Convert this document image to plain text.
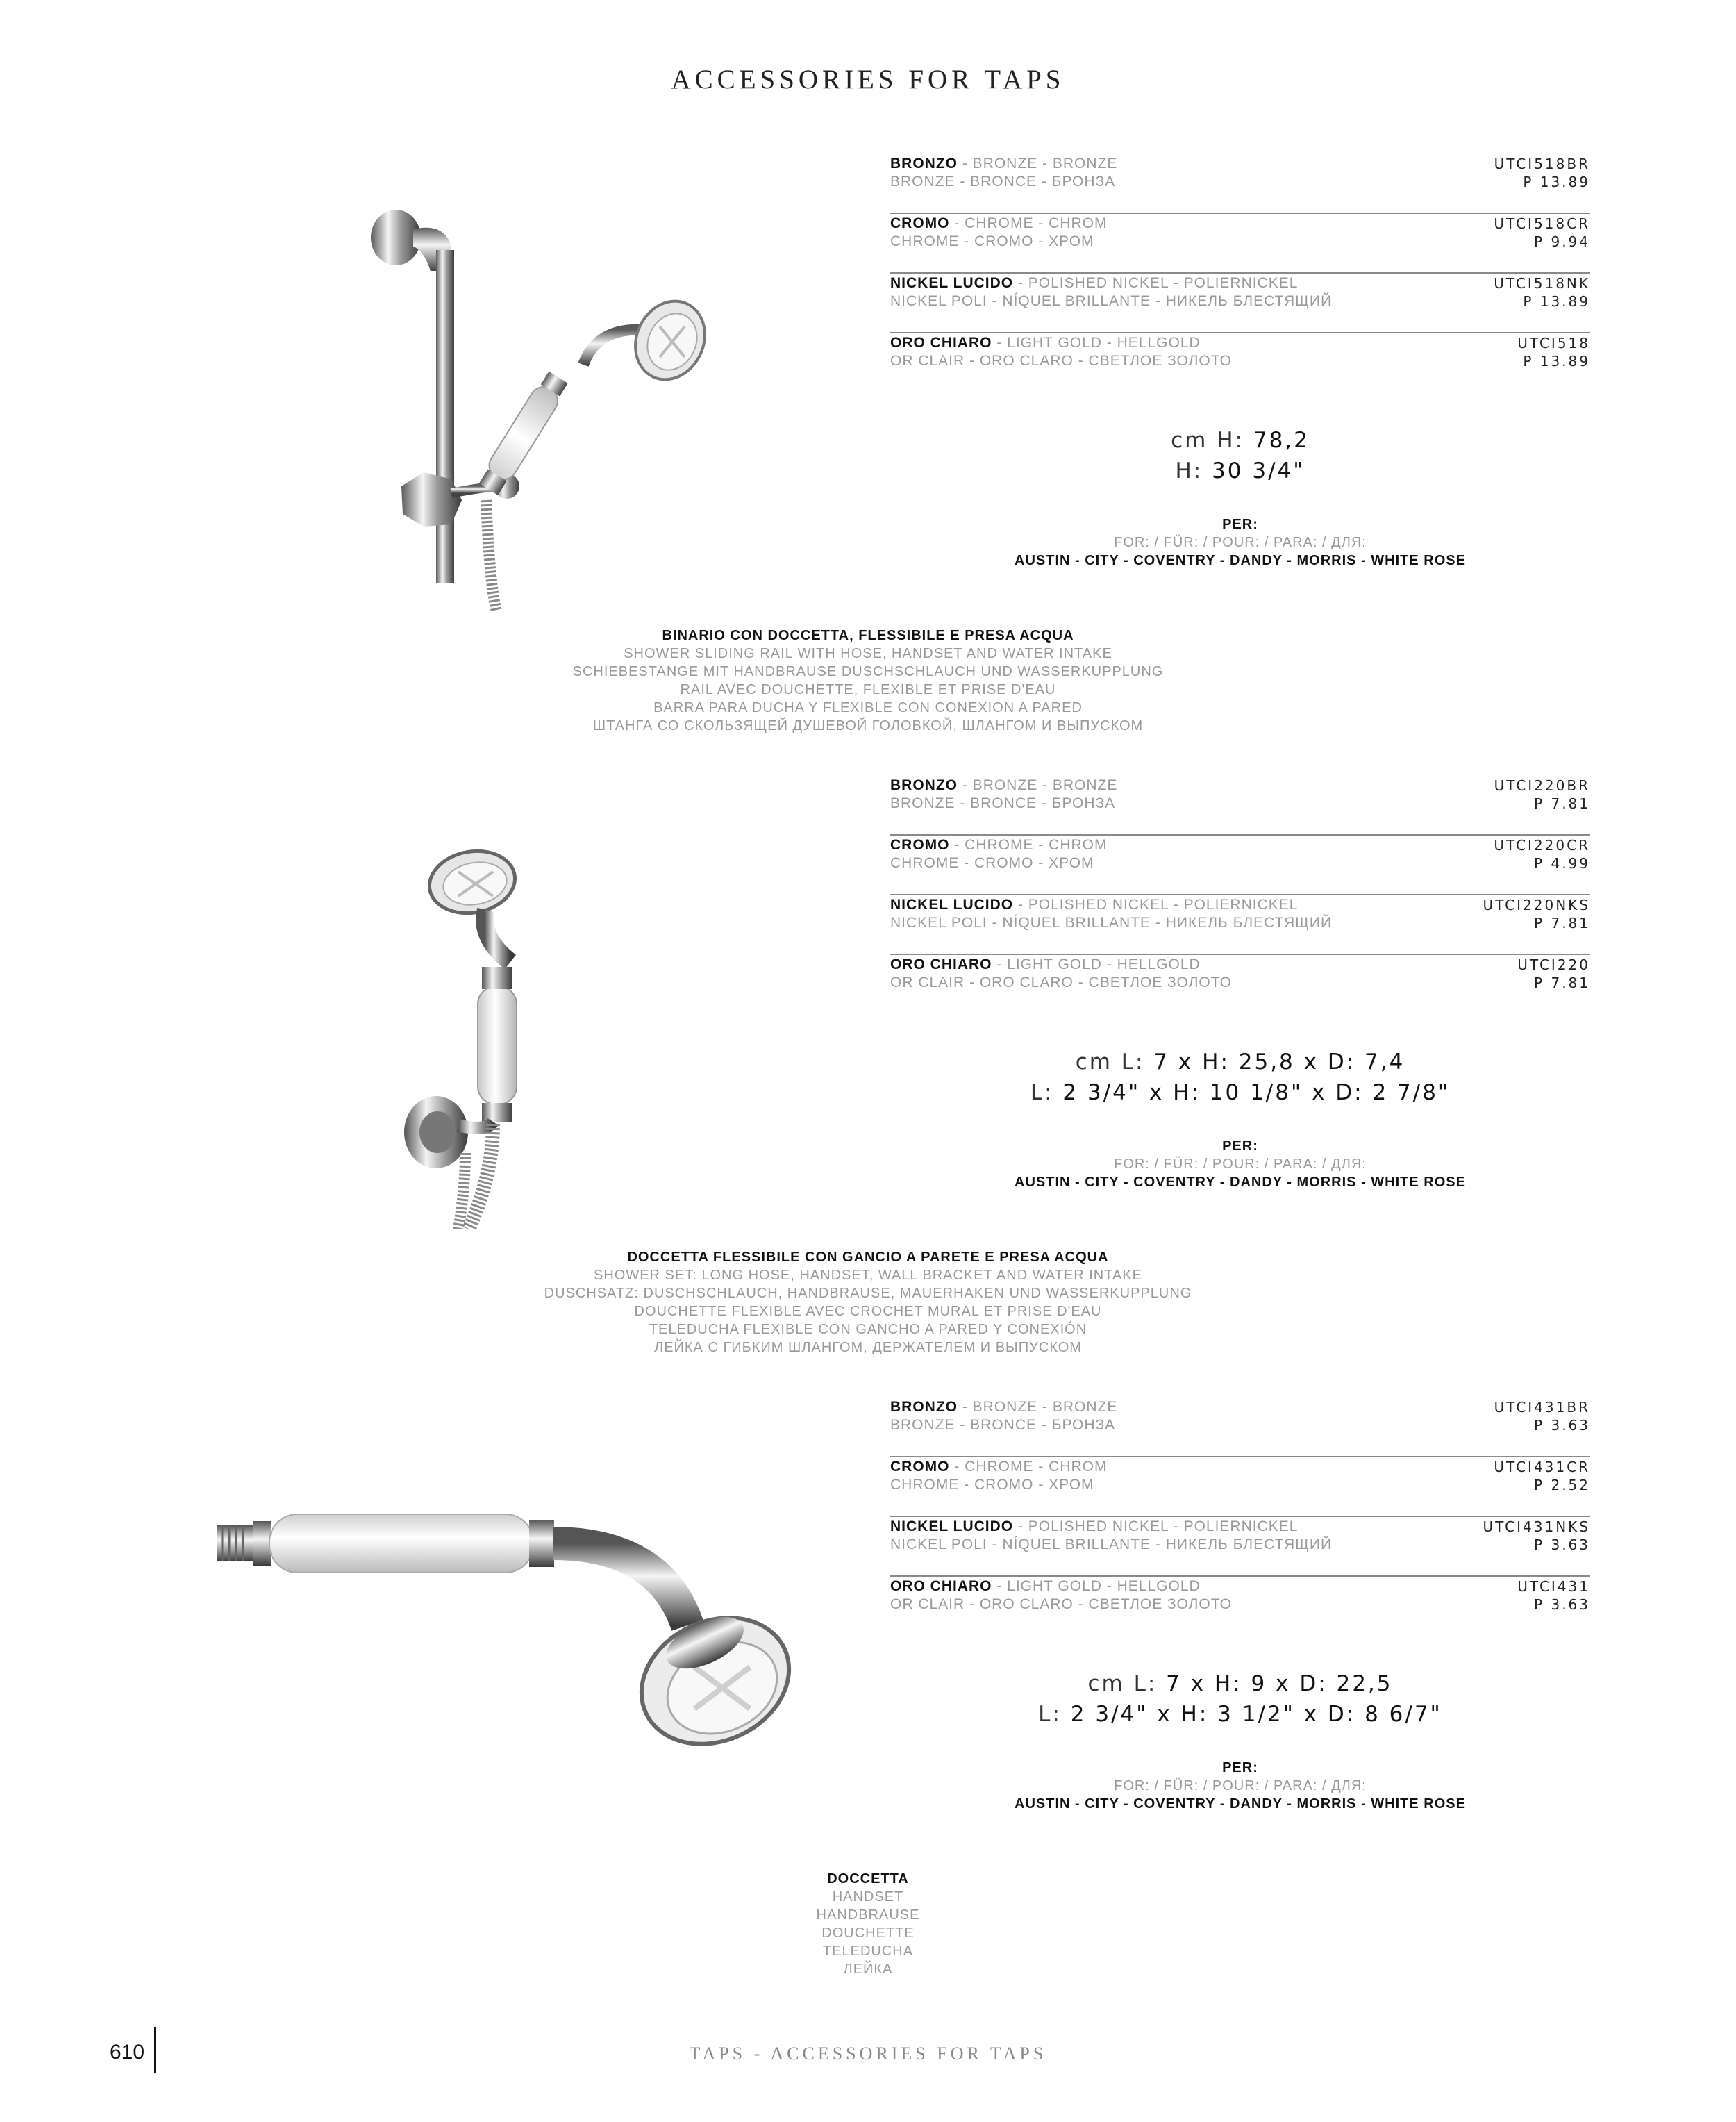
ACCESSORIES FOR TAPS
BRONZO - BRONZE - BRONZE
BRONZE - BRONCE - БРОНЗА
UTCI518BR
P 13.89
CROMO - CHROME - CHROM
CHROME - CROMO - ХРОМ
UTCI518CR
P 9.94
NICKEL LUCIDO - POLISHED NICKEL - POLIERNICKEL
NICKEL POLI - NÍQUEL BRILLANTE - НИКЕЛЬ БЛЕСТЯЩИЙ
UTCI518NK
P 13.89
ORO CHIARO - LIGHT GOLD - HELLGOLD
OR CLAIR - ORO CLARO - СВЕТЛОЕ ЗОЛОТО
UTCI518
P 13.89
cm H: 78,2
H: 30 3/4"
PER:
FOR: / FÜR: / POUR: / PARA: / ДЛЯ:
AUSTIN - CITY - COVENTRY - DANDY - MORRIS - WHITE ROSE
BINARIO CON DOCCETTA, FLESSIBILE E PRESA ACQUA
SHOWER SLIDING RAIL WITH HOSE, HANDSET AND WATER INTAKE
SCHIEBESTANGE MIT HANDBRAUSE DUSCHSCHLAUCH UND WASSERKUPPLUNG
RAIL AVEC DOUCHETTE, FLEXIBLE ET PRISE D'EAU
BARRA PARA DUCHA Y FLEXIBLE CON CONEXION A PARED
ШТАНГА СО СКОЛЬЗЯЩЕЙ ДУШЕВОЙ ГОЛОВКОЙ, ШЛАНГОМ И ВЫПУСКОМ
BRONZO - BRONZE - BRONZE
BRONZE - BRONCE - БРОНЗА
UTCI220BR
P 7.81
CROMO - CHROME - CHROM
CHROME - CROMO - ХРОМ
UTCI220CR
P 4.99
NICKEL LUCIDO - POLISHED NICKEL - POLIERNICKEL
NICKEL POLI - NÍQUEL BRILLANTE - НИКЕЛЬ БЛЕСТЯЩИЙ
UTCI220NKS
P 7.81
ORO CHIARO - LIGHT GOLD - HELLGOLD
OR CLAIR - ORO CLARO - СВЕТЛОЕ ЗОЛОТО
UTCI220
P 7.81
cm L: 7 x H: 25,8 x D: 7,4
L: 2 3/4" x H: 10 1/8" x D: 2 7/8"
PER:
FOR: / FÜR: / POUR: / PARA: / ДЛЯ:
AUSTIN - CITY - COVENTRY - DANDY - MORRIS - WHITE ROSE
DOCCETTA FLESSIBILE CON GANCIO A PARETE E PRESA ACQUA
SHOWER SET: LONG HOSE, HANDSET, WALL BRACKET AND WATER INTAKE
DUSCHSATZ: DUSCHSCHLAUCH, HANDBRAUSE, MAUERHAKEN UND WASSERKUPPLUNG
DOUCHETTE FLEXIBLE AVEC CROCHET MURAL ET PRISE D'EAU
TELEDUCHA FLEXIBLE CON GANCHO A PARED Y CONEXIÓN
ЛЕЙКА С ГИБКИМ ШЛАНГОМ, ДЕРЖАТЕЛЕМ И ВЫПУСКОМ
BRONZO - BRONZE - BRONZE
BRONZE - BRONCE - БРОНЗА
UTCI431BR
P 3.63
CROMO - CHROME - CHROM
CHROME - CROMO - ХРОМ
UTCI431CR
P 2.52
NICKEL LUCIDO - POLISHED NICKEL - POLIERNICKEL
NICKEL POLI - NÍQUEL BRILLANTE - НИКЕЛЬ БЛЕСТЯЩИЙ
UTCI431NKS
P 3.63
ORO CHIARO - LIGHT GOLD - HELLGOLD
OR CLAIR - ORO CLARO - СВЕТЛОЕ ЗОЛОТО
UTCI431
P 3.63
cm L: 7 x H: 9 x D: 22,5
L: 2 3/4" x H: 3 1/2" x D: 8 6/7"
PER:
FOR: / FÜR: / POUR: / PARA: / ДЛЯ:
AUSTIN - CITY - COVENTRY - DANDY - MORRIS - WHITE ROSE
DOCCETTA
HANDSET
HANDBRAUSE
DOUCHETTE
TELEDUCHA
ЛЕЙКА
610	TAPS - ACCESSORIES FOR TAPS
